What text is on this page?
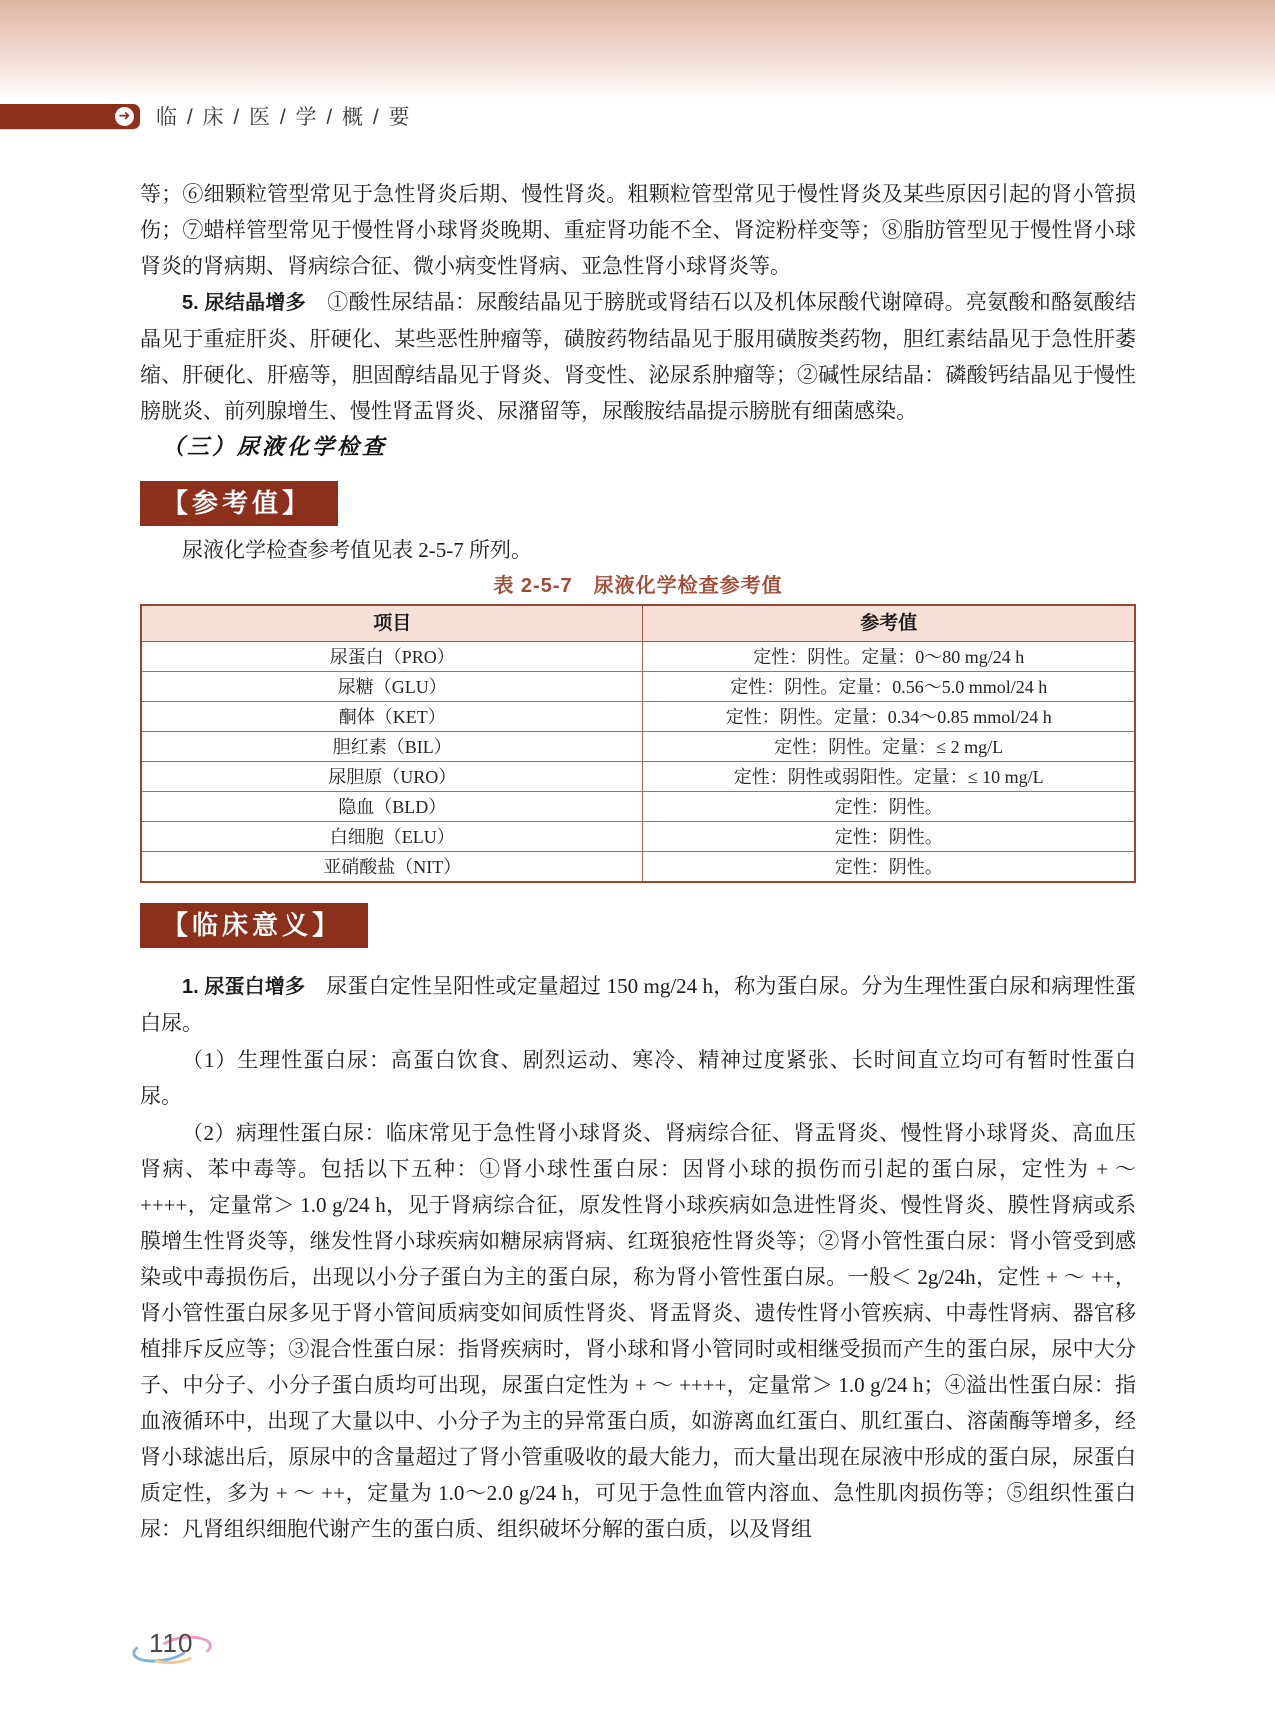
➜ 临 / 床 / 医 / 学 / 概 / 要

等；⑥细颗粒管型常见于急性肾炎后期、慢性肾炎。粗颗粒管型常见于慢性肾炎及某些原因引起的肾小管损伤；⑦蜡样管型常见于慢性肾小球肾炎晚期、重症肾功能不全、肾淀粉样变等；⑧脂肪管型见于慢性肾小球肾炎的肾病期、肾病综合征、微小病变性肾病、亚急性肾小球肾炎等。

5. 尿结晶增多　①酸性尿结晶：尿酸结晶见于膀胱或肾结石以及机体尿酸代谢障碍。亮氨酸和酪氨酸结晶见于重症肝炎、肝硬化、某些恶性肿瘤等，磺胺药物结晶见于服用磺胺类药物，胆红素结晶见于急性肝萎缩、肝硬化、肝癌等，胆固醇结晶见于肾炎、肾变性、泌尿系肿瘤等；②碱性尿结晶：磷酸钙结晶见于慢性膀胱炎、前列腺增生、慢性肾盂肾炎、尿潴留等，尿酸胺结晶提示膀胱有细菌感染。

（三）尿液化学检查

【参考值】

尿液化学检查参考值见表 2-5-7 所列。

表 2-5-7　尿液化学检查参考值

项目	参考值
尿蛋白（PRO）	定性：阴性。定量：0～80 mg/24 h
尿糖（GLU）	定性：阴性。定量：0.56～5.0 mmol/24 h
酮体（KET）	定性：阴性。定量：0.34～0.85 mmol/24 h
胆红素（BIL）	定性：阴性。定量：≤ 2 mg/L
尿胆原（URO）	定性：阴性或弱阳性。定量：≤ 10 mg/L
隐血（BLD）	定性：阴性。
白细胞（ELU）	定性：阴性。
亚硝酸盐（NIT）	定性：阴性。
【临床意义】

1. 尿蛋白增多　尿蛋白定性呈阳性或定量超过 150 mg/24 h，称为蛋白尿。分为生理性蛋白尿和病理性蛋白尿。

（1）生理性蛋白尿：高蛋白饮食、剧烈运动、寒冷、精神过度紧张、长时间直立均可有暂时性蛋白尿。

（2）病理性蛋白尿：临床常见于急性肾小球肾炎、肾病综合征、肾盂肾炎、慢性肾小球肾炎、高血压肾病、苯中毒等。包括以下五种：①肾小球性蛋白尿：因肾小球的损伤而引起的蛋白尿，定性为 + ～ ++++，定量常＞ 1.0 g/24 h，见于肾病综合征，原发性肾小球疾病如急进性肾炎、慢性肾炎、膜性肾病或系膜增生性肾炎等，继发性肾小球疾病如糖尿病肾病、红斑狼疮性肾炎等；②肾小管性蛋白尿：肾小管受到感染或中毒损伤后，出现以小分子蛋白为主的蛋白尿，称为肾小管性蛋白尿。一般＜ 2g/24h，定性 + ～ ++，肾小管性蛋白尿多见于肾小管间质病变如间质性肾炎、肾盂肾炎、遗传性肾小管疾病、中毒性肾病、器官移植排斥反应等；③混合性蛋白尿：指肾疾病时，肾小球和肾小管同时或相继受损而产生的蛋白尿，尿中大分子、中分子、小分子蛋白质均可出现，尿蛋白定性为 + ～ ++++，定量常＞ 1.0 g/24 h；④溢出性蛋白尿：指血液循环中，出现了大量以中、小分子为主的异常蛋白质，如游离血红蛋白、肌红蛋白、溶菌酶等增多，经肾小球滤出后，原尿中的含量超过了肾小管重吸收的最大能力，而大量出现在尿液中形成的蛋白尿，尿蛋白质定性，多为 + ～ ++，定量为 1.0～2.0 g/24 h，可见于急性血管内溶血、急性肌肉损伤等；⑤组织性蛋白尿：凡肾组织细胞代谢产生的蛋白质、组织破坏分解的蛋白质，以及肾组

110
